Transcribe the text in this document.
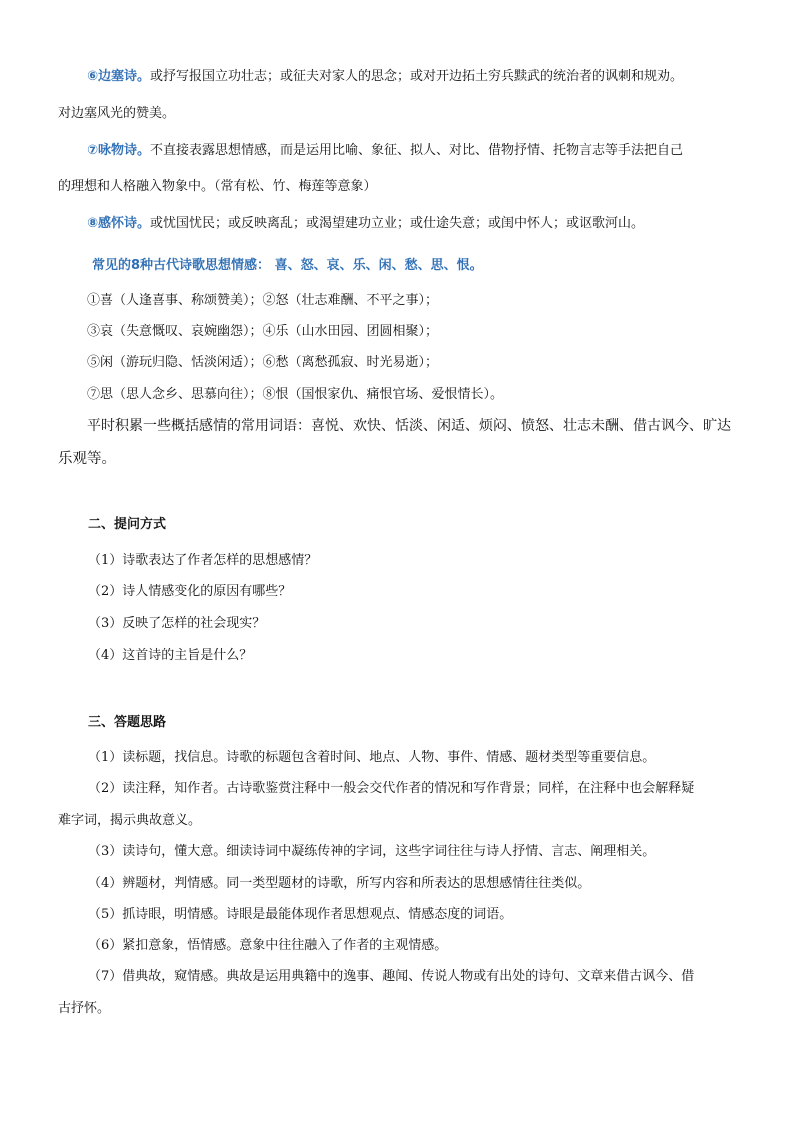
⑥边塞诗。或抒写报国立功壮志；或征夫对家人的思念；或对开边拓土穷兵黩武的统治者的讽刺和规劝。
对边塞风光的赞美。
⑦咏物诗。不直接表露思想情感，而是运用比喻、象征、拟人、对比、借物抒情、托物言志等手法把自己
的理想和人格融入物象中。（常有松、竹、梅莲等意象）
⑧感怀诗。或忧国忧民；或反映离乱；或渴望建功立业；或仕途失意；或闺中怀人；或讴歌河山。
常见的8种古代诗歌思想情感： 喜、怒、哀、乐、闲、愁、思、恨。
①喜（人逢喜事、称颂赞美）；②怒（壮志难酬、不平之事）；
③哀（失意慨叹、哀婉幽怨）；④乐（山水田园、团圆相聚）；
⑤闲（游玩归隐、恬淡闲适）；⑥愁（离愁孤寂、时光易逝）；
⑦思（思人念乡、思慕向往）；⑧恨（国恨家仇、痛恨官场、爱恨情长）。
平时积累一些概括感情的常用词语：喜悦、欢快、恬淡、闲适、烦闷、愤怒、壮志未酬、借古讽今、旷达
乐观等。
二、提问方式
（1）诗歌表达了作者怎样的思想感情？
（2）诗人情感变化的原因有哪些？
（3）反映了怎样的社会现实？
（4）这首诗的主旨是什么？
三、答题思路
（1）读标题，找信息。诗歌的标题包含着时间、地点、人物、事件、情感、题材类型等重要信息。
（2）读注释，知作者。古诗歌鉴赏注释中一般会交代作者的情况和写作背景；同样，在注释中也会解释疑
难字词，揭示典故意义。
（3）读诗句，懂大意。细读诗词中凝练传神的字词，这些字词往往与诗人抒情、言志、阐理相关。
（4）辨题材，判情感。同一类型题材的诗歌，所写内容和所表达的思想感情往往类似。
（5）抓诗眼，明情感。诗眼是最能体现作者思想观点、情感态度的词语。
（6）紧扣意象，悟情感。意象中往往融入了作者的主观情感。
（7）借典故，窥情感。典故是运用典籍中的逸事、趣闻、传说人物或有出处的诗句、文章来借古讽今、借
古抒怀。
